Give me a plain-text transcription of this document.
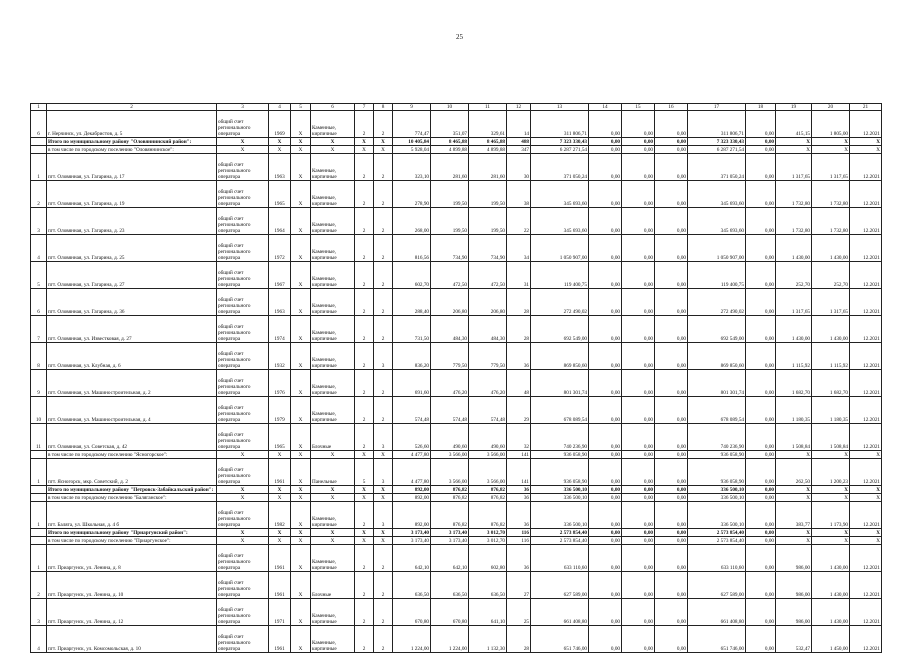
25
1	2	3	4	5	6	7	8	9	10	11	12	13	14	15	16	17	18	19	20	21
6	г. Нерчинск, ул. Декабристов, д. 5	общий счет регионального оператора	1969	X	Каменные, кирпичные	2	2	774,47	351,07	329,61	14	311 806,71	0,00	0,00	0,00	311 806,71	0,00	415,15	1 805,00	12.2021
	Итого по муниципальному району "Оловяннинский район":	X	X	X	X	X	X	10 405,84	8 465,88	8 465,88	488	7 323 330,43	0,00	0,00	0,00	7 323 330,43	0,00	X	X	X
	в том числе по городскому поселению "Оловяннинское":	X	X	X	X	X	X	5 928,04	4 899,88	4 899,88	347	6 287 271,54	0,00	0,00	0,00	6 287 271,54	0,00	X	X	X
1	пгт. Оловянная, ул. Гагарина, д. 17	общий счет регионального оператора	1963	X	Каменные, кирпичные	2	2	323,10	281,60	281,60	30	371 050,24	0,00	0,00	0,00	371 050,24	0,00	1 317,65	1 317,65	12.2021
2	пгт. Оловянная, ул. Гагарина, д. 19	общий счет регионального оператора	1965	X	Каменные, кирпичные	2	2	278,90	199,50	199,50	38	345 693,60	0,00	0,00	0,00	345 693,60	0,00	1 732,80	1 732,80	12.2021
3	пгт. Оловянная, ул. Гагарина, д. 23	общий счет регионального оператора	1964	X	Каменные, кирпичные	2	2	268,00	199,50	199,50	22	345 693,60	0,00	0,00	0,00	345 693,60	0,00	1 732,80	1 732,80	12.2021
4	пгт. Оловянная, ул. Гагарина, д. 25	общий счет регионального оператора	1972	X	Каменные, кирпичные	2	2	816,56	734,90	734,90	34	1 050 907,00	0,00	0,00	0,00	1 050 907,00	0,00	1 430,00	1 430,00	12.2021
5	пгт. Оловянная, ул. Гагарина, д. 27	общий счет регионального оператора	1967	X	Каменные, кирпичные	2	2	602,70	472,50	472,50	31	119 400,75	0,00	0,00	0,00	119 400,75	0,00	252,70	252,70	12.2021
6	пгт. Оловянная, ул. Гагарина, д. 36	общий счет регионального оператора	1963	X	Каменные, кирпичные	2	2	288,40	206,80	206,80	28	272 490,02	0,00	0,00	0,00	272 490,02	0,00	1 317,65	1 317,65	12.2021
7	пгт. Оловянная, ул. Известковая, д. 27	общий счет регионального оператора	1974	X	Каменные, кирпичные	2	2	731,50	484,30	484,30	28	692 549,00	0,00	0,00	0,00	692 549,00	0,00	1 430,00	1 430,00	12.2021
8	пгт. Оловянная, ул. Клубная, д. 6	общий счет регионального оператора	1932	X	Каменные, кирпичные	2	3	836,20	779,50	779,50	36	869 850,60	0,00	0,00	0,00	869 850,60	0,00	1 115,92	1 115,92	12.2021
9	пгт. Оловянная, ул. Машиностроительная, д. 2	общий счет регионального оператора	1976	X	Каменные, кирпичные	2	2	691,60	476,20	476,20	48	801 301,74	0,00	0,00	0,00	801 301,74	0,00	1 682,70	1 682,70	12.2021
10	пгт. Оловянная, ул. Машиностроительная, д. 4	общий счет регионального оператора	1979	X	Каменные, кирпичные	2	2	574,48	574,48	574,48	29	678 089,54	0,00	0,00	0,00	678 089,54	0,00	1 180,35	1 180,35	12.2021
11	пгт. Оловянная, ул. Советская, д. 42	общий счет регионального оператора	1965	X	Блочные	2	3	526,60	490,60	490,60	32	740 236,90	0,00	0,00	0,00	740 236,90	0,00	1 508,84	1 508,84	12.2021
	в том числе по городскому поселению "Ясногорское":	X	X	X	X	X	X	4 477,80	3 566,00	3 566,00	141	936 058,90	0,00	0,00	0,00	936 058,90	0,00	X	X	X
1	пгт. Ясногорск, мкр. Советский, д. 2	общий счет регионального оператора	1961	X	Панельные	5	3	4 477,80	3 566,00	3 566,00	141	936 058,90	0,00	0,00	0,00	936 058,90	0,00	262,50	1 200,23	12.2021
	Итого по муниципальному району "Петровск-Забайкальский район":	X	X	X	X	X	X	892,00	876,82	876,82	36	336 500,10	0,00	0,00	0,00	336 500,10	0,00	X	X	X
	в том числе по городскому поселению "Баляганское":	X	X	X	X	X	X	892,00	876,82	876,82	36	336 500,10	0,00	0,00	0,00	336 500,10	0,00	X	X	X
1	пгт. Баляга, ул. Школьная, д. 4 б	общий счет регионального оператора	1982	X	Каменные, кирпичные	2	3	892,00	876,82	876,82	36	336 500,10	0,00	0,00	0,00	336 500,10	0,00	383,77	1 173,90	12.2021
	Итого по муниципальному району "Приаргунский район":	X	X	X	X	X	X	3 173,40	3 173,40	3 012,70	116	2 573 854,40	0,00	0,00	0,00	2 573 854,40	0,00	X	X	X
	в том числе по городскому поселению "Приаргунское":	X	X	X	X	X	X	3 173,40	3 173,40	3 012,70	116	2 573 854,40	0,00	0,00	0,00	2 573 854,40	0,00	X	X	X
1	пгт. Приаргунск, ул. Ленина, д. 8	общий счет регионального оператора	1961	X	Каменные, кирпичные	2	2	642,10	642,10	602,80	36	633 110,60	0,00	0,00	0,00	633 110,60	0,00	986,00	1 430,00	12.2021
2	пгт. Приаргунск, ул. Ленина, д. 10	общий счет регионального оператора	1961	X	Блочные	2	2	636,50	636,50	636,50	27	627 589,00	0,00	0,00	0,00	627 589,00	0,00	986,00	1 430,00	12.2021
3	пгт. Приаргунск, ул. Ленина, д. 12	общий счет регионального оператора	1971	X	Каменные, кирпичные	2	2	670,80	670,80	641,10	25	661 408,80	0,00	0,00	0,00	661 408,80	0,00	986,00	1 430,00	12.2021
4	пгт. Приаргунск, ул. Комсомольская, д. 10	общий счет регионального оператора	1961	X	Каменные, кирпичные	2	2	1 224,00	1 224,00	1 132,30	28	651 746,00	0,00	0,00	0,00	651 746,00	0,00	532,47	1 450,00	12.2021
